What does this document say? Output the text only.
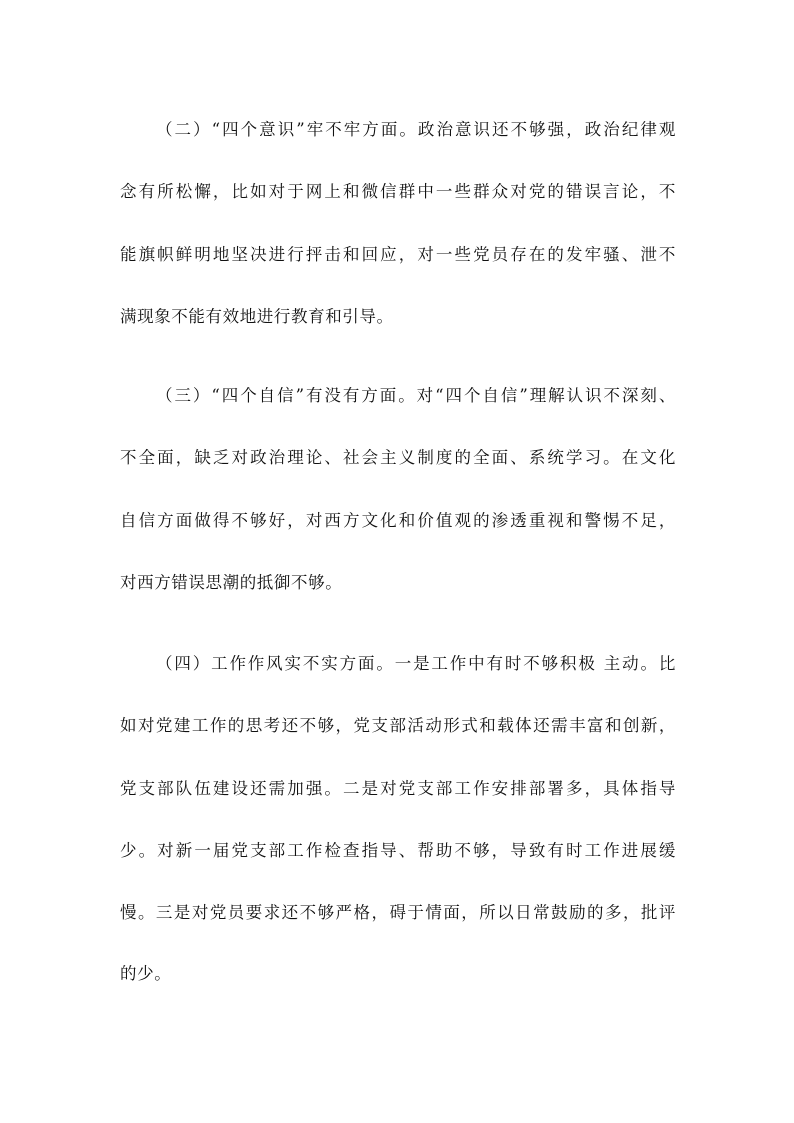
（二）“四个意识”牢不牢方面。政治意识还不够强，政治纪律观
念有所松懈，比如对于网上和微信群中一些群众对党的错误言论，不
能旗帜鲜明地坚决进行抨击和回应，对一些党员存在的发牢骚、泄不
满现象不能有效地进行教育和引导。
（三）“四个自信”有没有方面。对“四个自信”理解认识不深刻、
不全面，缺乏对政治理论、社会主义制度的全面、系统学习。在文化
自信方面做得不够好，对西方文化和价值观的渗透重视和警惕不足，
对西方错误思潮的抵御不够。
（四）工作作风实不实方面。一是工作中有时不够积极 主动。比
如对党建工作的思考还不够，党支部活动形式和载体还需丰富和创新，
党支部队伍建设还需加强。二是对党支部工作安排部署多，具体指导
少。对新一届党支部工作检查指导、帮助不够，导致有时工作进展缓
慢。三是对党员要求还不够严格，碍于情面，所以日常鼓励的多，批评
的少。
